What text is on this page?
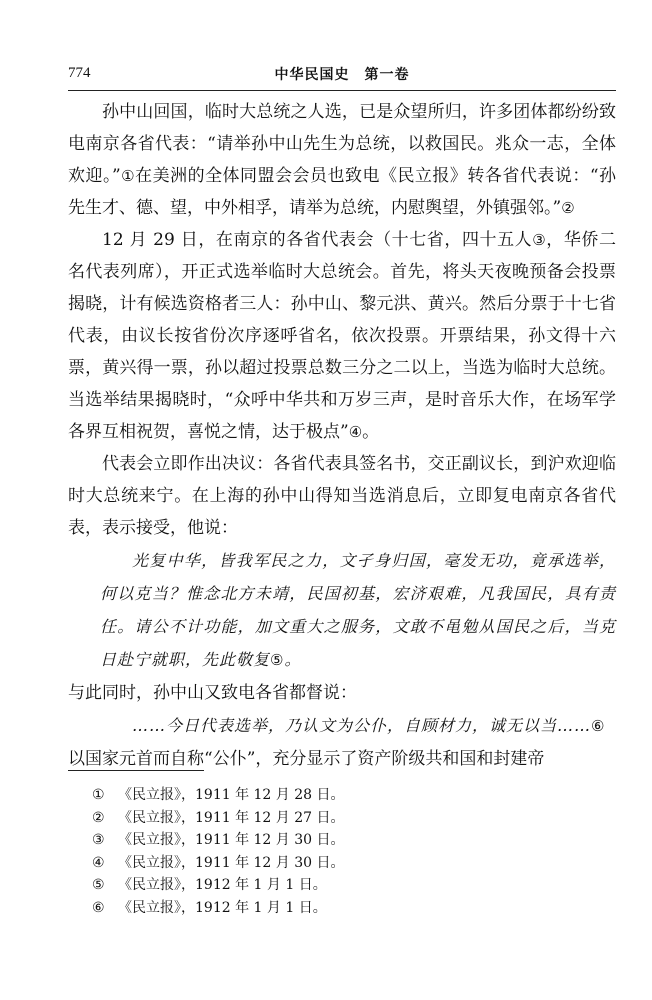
774	中华民国史　第一卷

孙中山回国，临时大总统之人选，已是众望所归，许多团体都纷纷致电南京各省代表：“请举孙中山先生为总统，以救国民。兆众一志，全体欢迎。”①在美洲的全体同盟会会员也致电《民立报》转各省代表说：“孙先生才、德、望，中外相孚，请举为总统，内慰舆望，外镇强邻。”②

12 月 29 日，在南京的各省代表会（十七省，四十五人③，华侨二名代表列席），开正式选举临时大总统会。首先，将头天夜晚预备会投票揭晓，计有候选资格者三人：孙中山、黎元洪、黄兴。然后分票于十七省代表，由议长按省份次序逐呼省名，依次投票。开票结果，孙文得十六票，黄兴得一票，孙以超过投票总数三分之二以上，当选为临时大总统。当选举结果揭晓时，“众呼中华共和万岁三声，是时音乐大作，在场军学各界互相祝贺，喜悦之情，达于极点”④。

代表会立即作出决议：各省代表具签名书，交正副议长，到沪欢迎临时大总统来宁。在上海的孙中山得知当选消息后，立即复电南京各省代表，表示接受，他说：

光复中华，皆我军民之力，文孑身归国，毫发无功，竟承选举，何以克当？惟念北方未靖，民国初基，宏济艰难，凡我国民，具有责任。请公不计功能，加文重大之服务，文敢不黾勉从国民之后，当克日赴宁就职，先此敬复⑤。

与此同时，孙中山又致电各省都督说：

……今日代表选举，乃认文为公仆，自顾材力，诚无以当……⑥

以国家元首而自称“公仆”，充分显示了资产阶级共和国和封建帝

① 《民立报》，1911 年 12 月 28 日。
② 《民立报》，1911 年 12 月 27 日。
③ 《民立报》，1911 年 12 月 30 日。
④ 《民立报》，1911 年 12 月 30 日。
⑤ 《民立报》，1912 年 1 月 1 日。
⑥ 《民立报》，1912 年 1 月 1 日。
